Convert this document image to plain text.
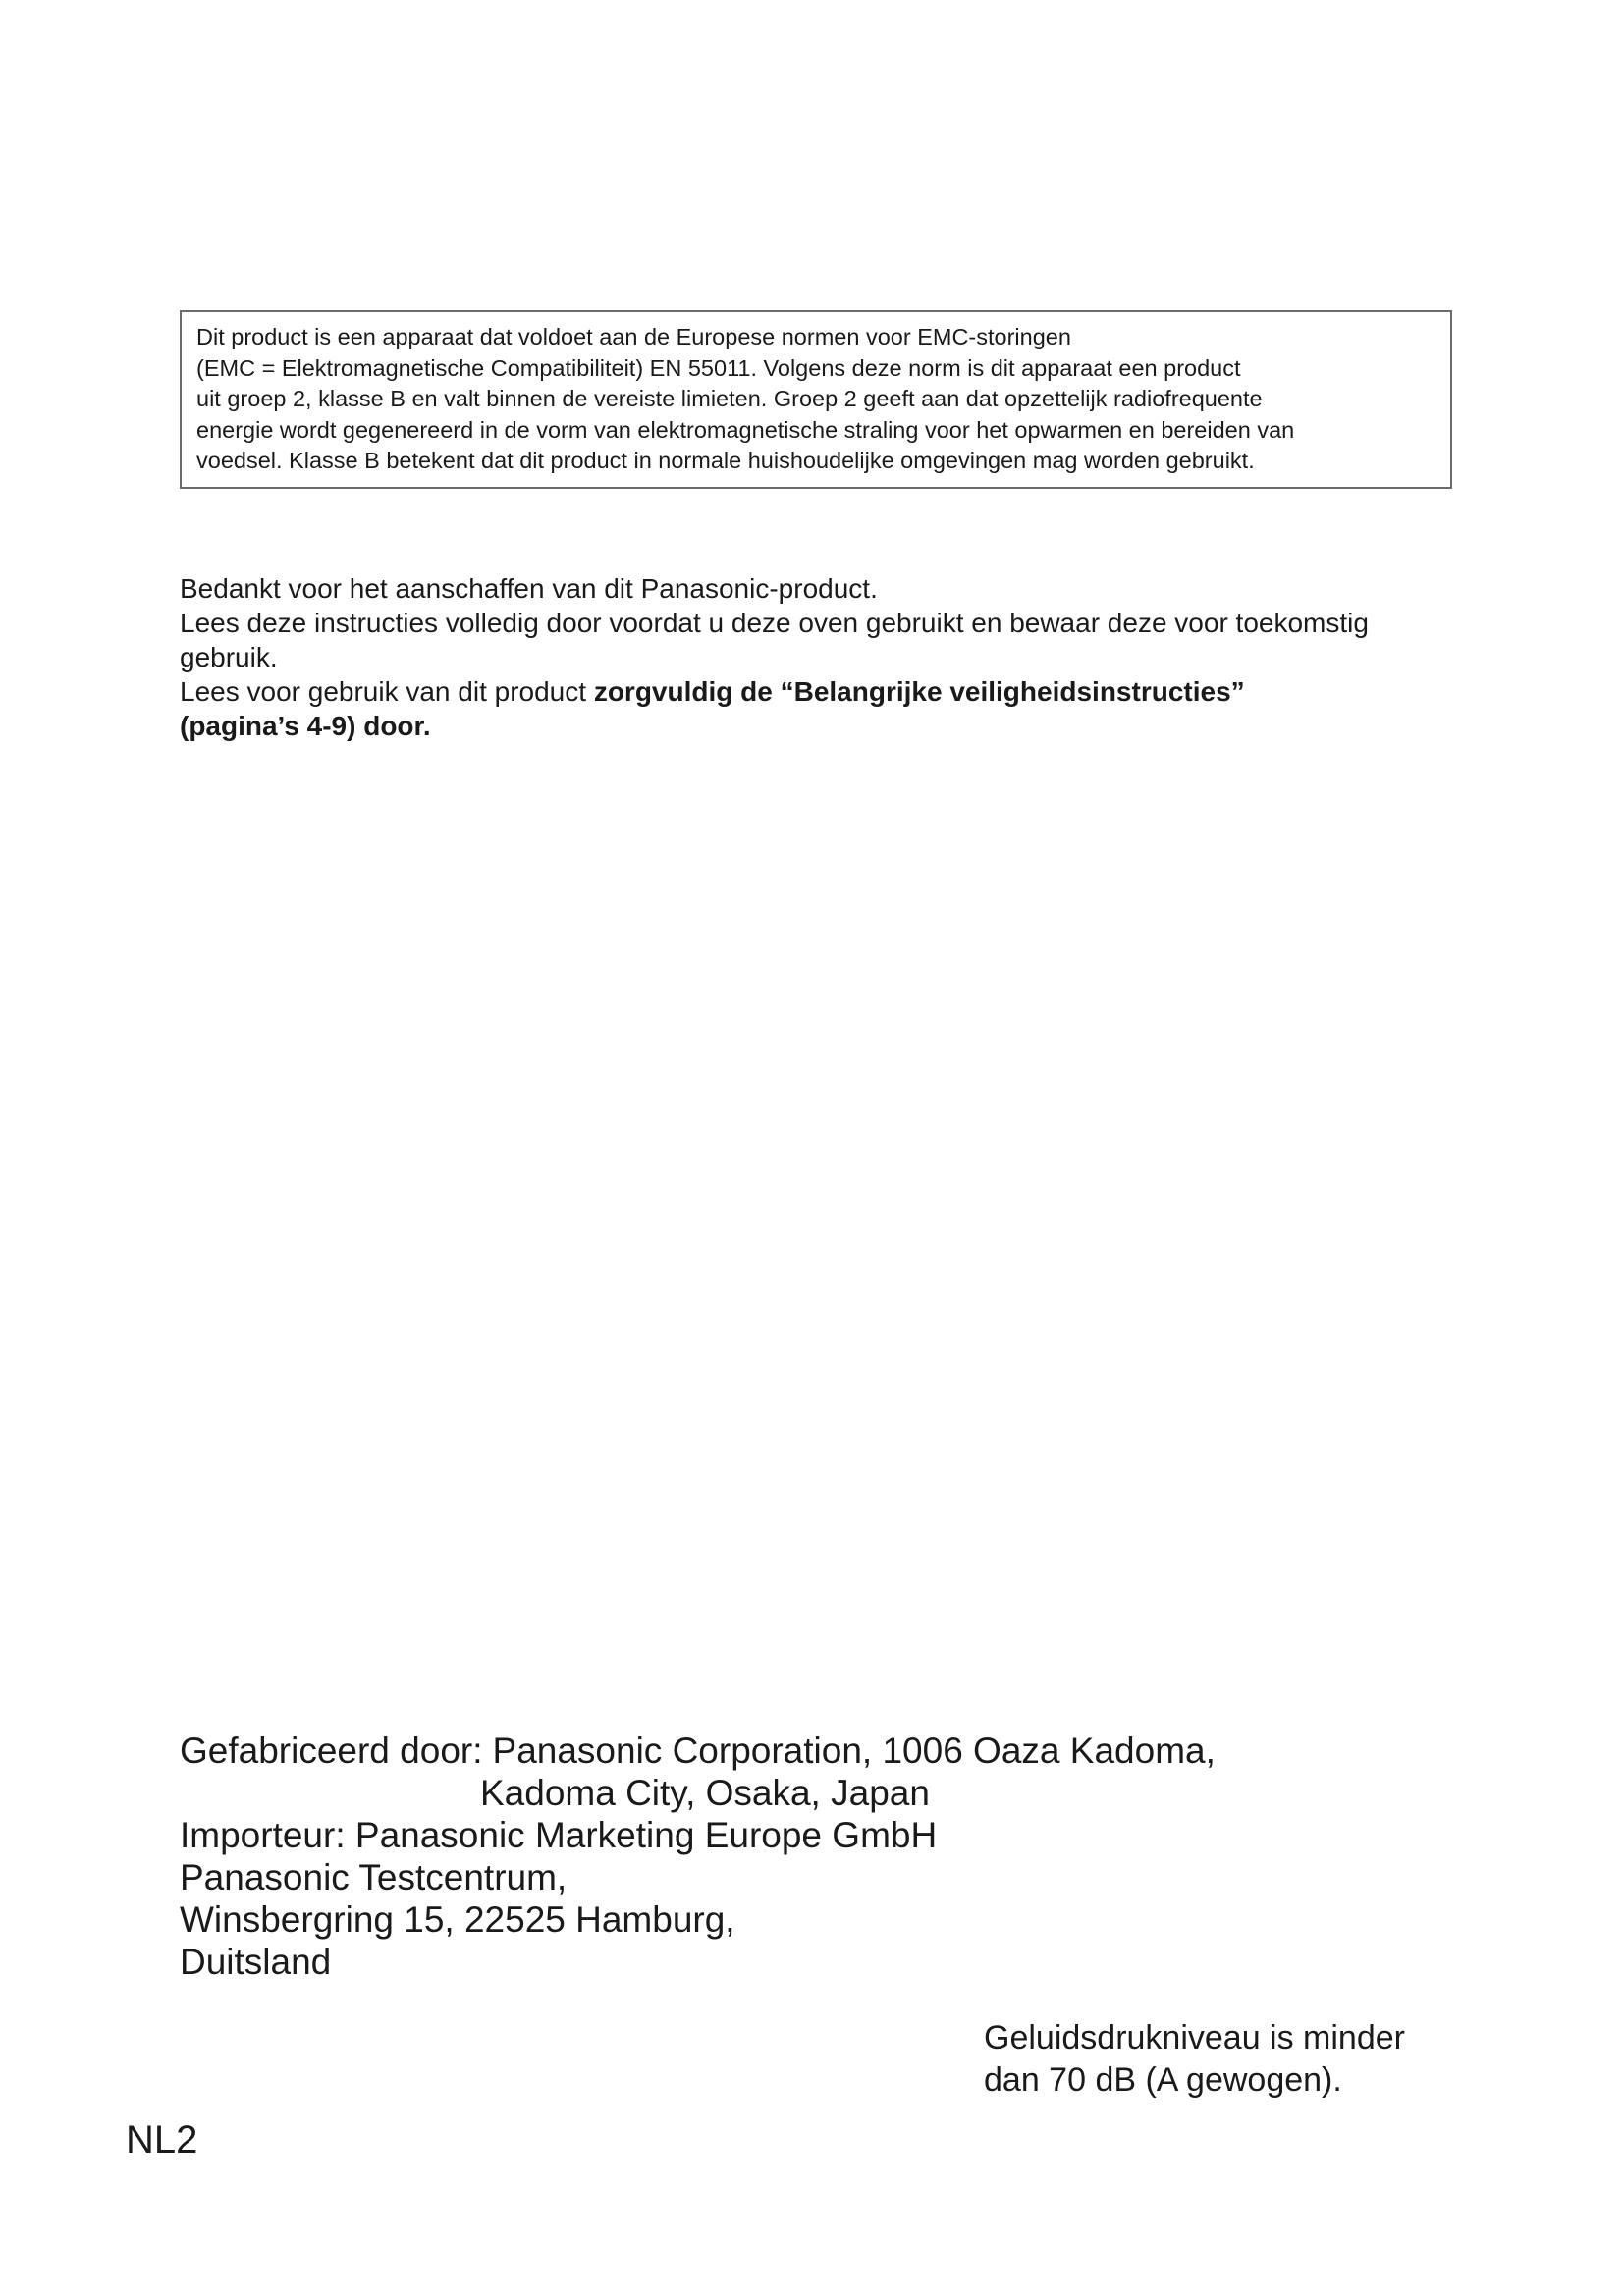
Dit product is een apparaat dat voldoet aan de Europese normen voor EMC-storingen
(EMC = Elektromagnetische Compatibiliteit) EN 55011. Volgens deze norm is dit apparaat een product
uit groep 2, klasse B en valt binnen de vereiste limieten. Groep 2 geeft aan dat opzettelijk radiofrequente
energie wordt gegenereerd in de vorm van elektromagnetische straling voor het opwarmen en bereiden van
voedsel. Klasse B betekent dat dit product in normale huishoudelijke omgevingen mag worden gebruikt.
Bedankt voor het aanschaffen van dit Panasonic-product.
Lees deze instructies volledig door voordat u deze oven gebruikt en bewaar deze voor toekomstig
gebruik.
Lees voor gebruik van dit product zorgvuldig de “Belangrijke veiligheidsinstructies”
(pagina’s 4-9) door.
Gefabriceerd door: Panasonic Corporation, 1006 Oaza Kadoma,
Kadoma City, Osaka, Japan
Importeur: Panasonic Marketing Europe GmbH
Panasonic Testcentrum,
Winsbergring 15, 22525 Hamburg,
Duitsland
Geluidsdrukniveau is minder
dan 70 dB (A gewogen).
NL2
